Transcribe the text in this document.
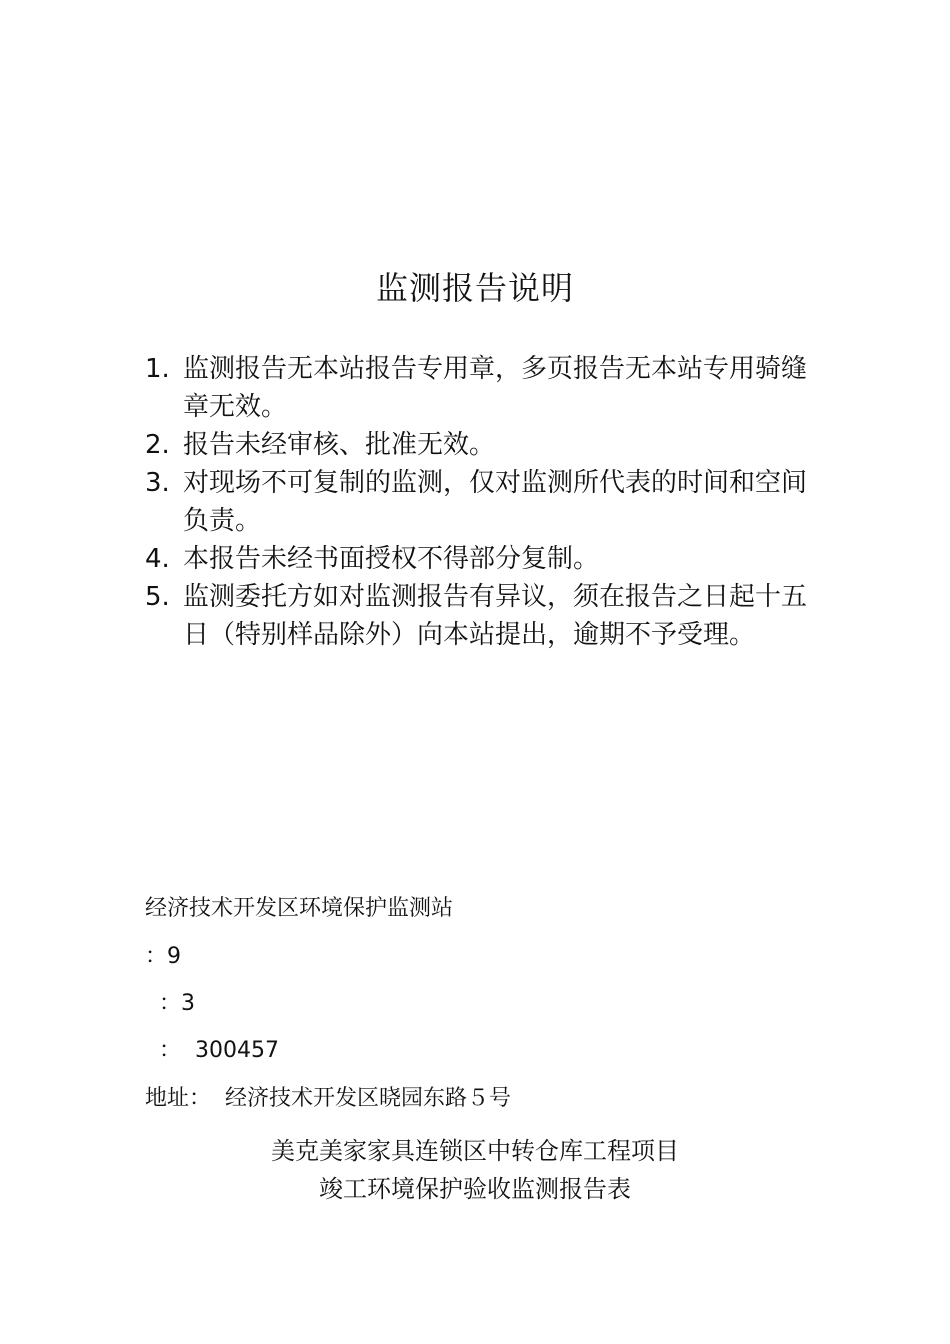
监测报告说明
1. 监测报告无本站报告专用章，多页报告无本站专用骑缝章无效。
2. 报告未经审核、批准无效。
3. 对现场不可复制的监测，仅对监测所代表的时间和空间负责。
4. 本报告未经书面授权不得部分复制。
5. 监测委托方如对监测报告有异议，须在报告之日起十五日（特别样品除外）向本站提出，逾期不予受理。
经济技术开发区环境保护监测站
：9
：3
：  300457
地址：  经济技术开发区晓园东路５号
美克美家家具连锁区中转仓库工程项目
竣工环境保护验收监测报告表
